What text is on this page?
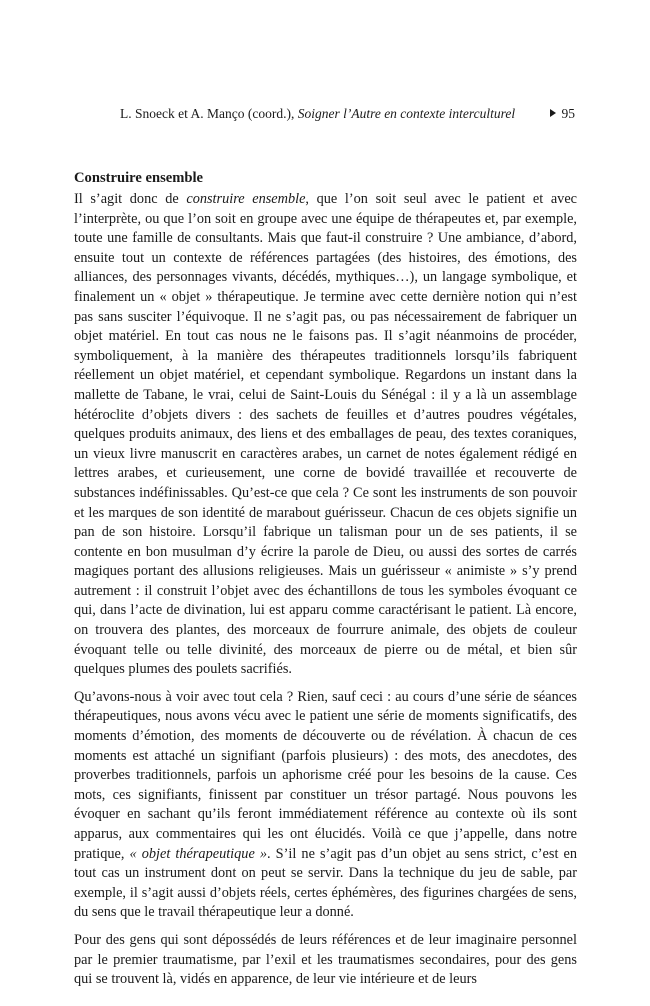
L. Snoeck et A. Manço (coord.), Soigner l’Autre en contexte interculturel	95
Construire ensemble

Il s’agit donc de construire ensemble, que l’on soit seul avec le patient et avec l’interprète, ou que l’on soit en groupe avec une équipe de thérapeutes et, par exemple, toute une famille de consultants. Mais que faut-il construire ? Une ambiance, d’abord, ensuite tout un contexte de références partagées (des histoires, des émotions, des alliances, des personnages vivants, décédés, mythiques…), un langage symbolique, et finalement un « objet » thérapeutique. Je termine avec cette dernière notion qui n’est pas sans susciter l’équivoque. Il ne s’agit pas, ou pas nécessairement de fabriquer un objet matériel. En tout cas nous ne le faisons pas. Il s’agit néanmoins de procéder, symboliquement, à la manière des thérapeutes traditionnels lorsqu’ils fabriquent réellement un objet matériel, et cependant symbolique. Regardons un instant dans la mallette de Tabane, le vrai, celui de Saint-Louis du Sénégal : il y a là un assemblage hétéroclite d’objets divers : des sachets de feuilles et d’autres poudres végétales, quelques produits animaux, des liens et des emballages de peau, des textes coraniques, un vieux livre manuscrit en caractères arabes, un carnet de notes également rédigé en lettres arabes, et curieusement, une corne de bovidé travaillée et recouverte de substances indéfinissables. Qu’est-ce que cela ? Ce sont les instruments de son pouvoir et les marques de son identité de marabout guérisseur. Chacun de ces objets signifie un pan de son histoire. Lorsqu’il fabrique un talisman pour un de ses patients, il se contente en bon musulman d’y écrire la parole de Dieu, ou aussi des sortes de carrés magiques portant des allusions religieuses. Mais un guérisseur « animiste » s’y prend autrement : il construit l’objet avec des échantillons de tous les symboles évoquant ce qui, dans l’acte de divination, lui est apparu comme caractérisant le patient. Là encore, on trouvera des plantes, des morceaux de fourrure animale, des objets de couleur évoquant telle ou telle divinité, des morceaux de pierre ou de métal, et bien sûr quelques plumes des poulets sacrifiés.

Qu’avons-nous à voir avec tout cela ? Rien, sauf ceci : au cours d’une série de séances thérapeutiques, nous avons vécu avec le patient une série de moments significatifs, des moments d’émotion, des moments de découverte ou de révélation. À chacun de ces moments est attaché un signifiant (parfois plusieurs) : des mots, des anecdotes, des proverbes traditionnels, parfois un aphorisme créé pour les besoins de la cause. Ces mots, ces signifiants, finissent par constituer un trésor partagé. Nous pouvons les évoquer en sachant qu’ils feront immédiatement référence au contexte où ils sont apparus, aux commentaires qui les ont élucidés. Voilà ce que j’appelle, dans notre pratique, « objet thérapeutique ». S’il ne s’agit pas d’un objet au sens strict, c’est en tout cas un instrument dont on peut se servir. Dans la technique du jeu de sable, par exemple, il s’agit aussi d’objets réels, certes éphémères, des figurines chargées de sens, du sens que le travail thérapeutique leur a donné.

Pour des gens qui sont dépossédés de leurs références et de leur imaginaire personnel par le premier traumatisme, par l’exil et les traumatismes secondaires, pour des gens qui se trouvent là, vidés en apparence, de leur vie intérieure et de leurs
